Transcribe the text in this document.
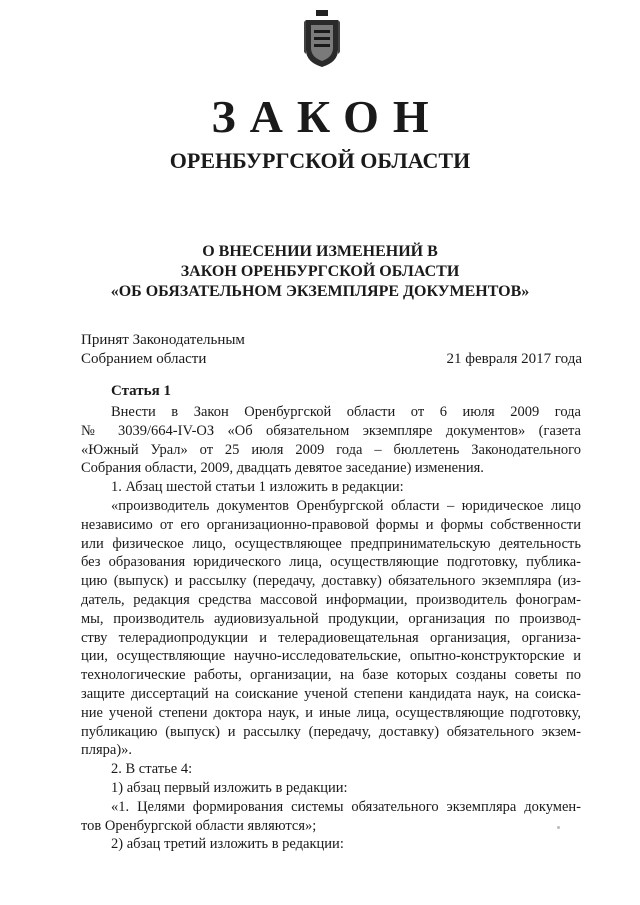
ЗАКОН
ОРЕНБУРГСКОЙ ОБЛАСТИ
О ВНЕСЕНИИ ИЗМЕНЕНИЙ В
ЗАКОН ОРЕНБУРГСКОЙ ОБЛАСТИ
«ОБ ОБЯЗАТЕЛЬНОМ ЭКЗЕМПЛЯРЕ ДОКУМЕНТОВ»
Принят Законодательным
Собранием области	21 февраля 2017 года
Статья 1
Внести в Закон Оренбургской области от 6 июля 2009 года
№ 3039/664-IV-ОЗ «Об обязательном экземпляре документов» (газета
«Южный Урал» от 25 июля 2009 года – бюллетень Законодательного
Собрания области, 2009, двадцать девятое заседание) изменения.
1. Абзац шестой статьи 1 изложить в редакции:
«производитель документов Оренбургской области – юридическое лицо
независимо от его организационно-правовой формы и формы собственности
или физическое лицо, осуществляющее предпринимательскую деятельность
без образования юридического лица, осуществляющие подготовку, публика-
цию (выпуск) и рассылку (передачу, доставку) обязательного экземпляра (из-
датель, редакция средства массовой информации, производитель фонограм-
мы, производитель аудиовизуальной продукции, организация по производ-
ству телерадиопродукции и телерадиовещательная организация, организа-
ции, осуществляющие научно-исследовательские, опытно-конструкторские и
технологические работы, организации, на базе которых созданы советы по
защите диссертаций на соискание ученой степени кандидата наук, на соиска-
ние ученой степени доктора наук, и иные лица, осуществляющие подготовку,
публикацию (выпуск) и рассылку (передачу, доставку) обязательного экзем-
пляра)».
2. В статье 4:
1) абзац первый изложить в редакции:
«1. Целями формирования системы обязательного экземпляра докумен-
тов Оренбургской области являются»;
2) абзац третий изложить в редакции:
